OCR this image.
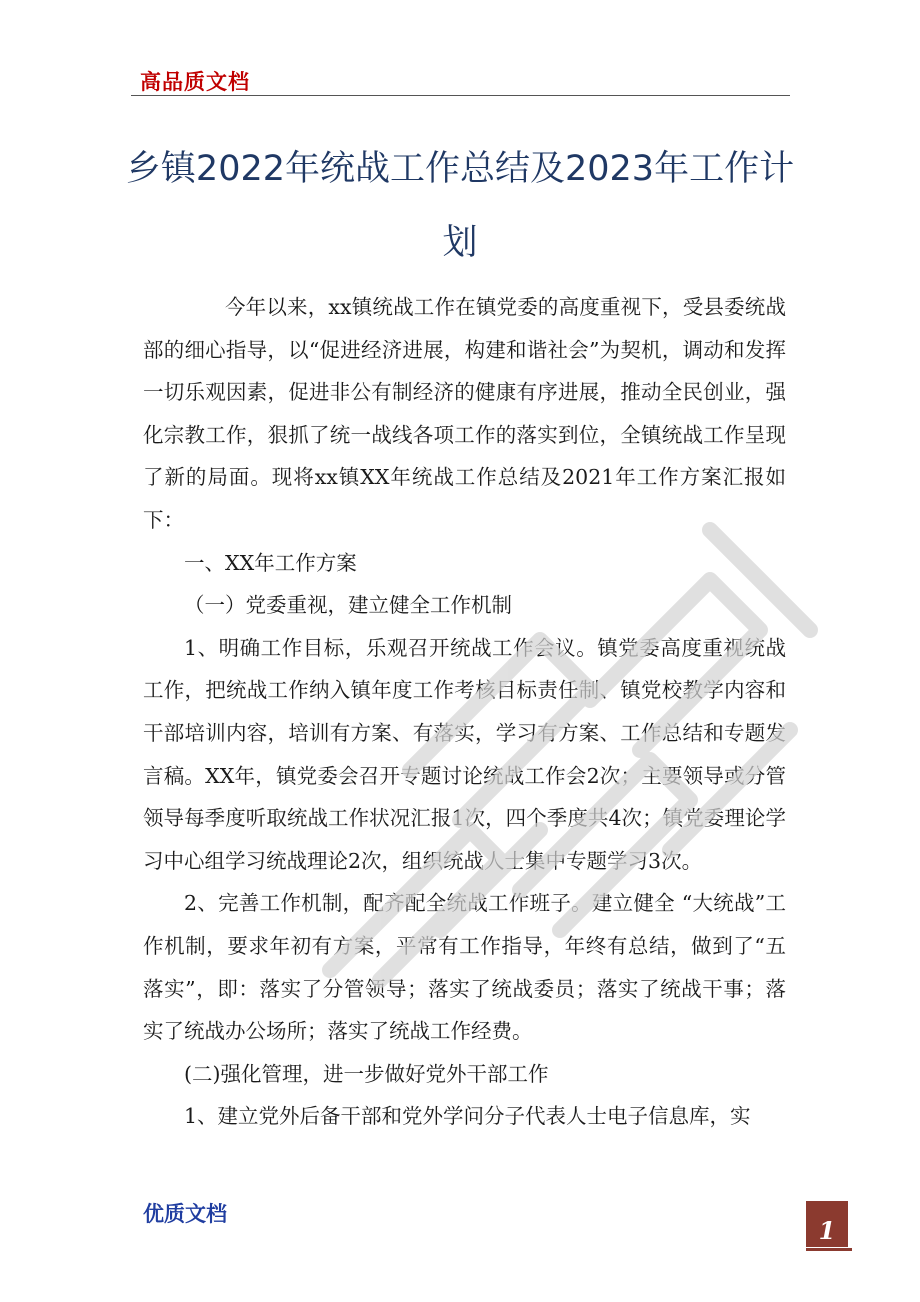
高品质文档
乡镇2022年统战工作总结及2023年工作计划

今年以来，xx镇统战工作在镇党委的高度重视下，受县委统战部的细心指导，以“促进经济进展，构建和谐社会”为契机，调动和发挥一切乐观因素，促进非公有制经济的健康有序进展，推动全民创业，强化宗教工作，狠抓了统一战线各项工作的落实到位，全镇统战工作呈现了新的局面。现将xx镇XX年统战工作总结及2021年工作方案汇报如下：

一、XX年工作方案

（一）党委重视，建立健全工作机制

1、明确工作目标，乐观召开统战工作会议。镇党委高度重视统战工作，把统战工作纳入镇年度工作考核目标责任制、镇党校教学内容和干部培训内容，培训有方案、有落实，学习有方案、工作总结和专题发言稿。XX年，镇党委会召开专题讨论统战工作会2次；主要领导或分管领导每季度听取统战工作状况汇报1次，四个季度共4次；镇党委理论学习中心组学习统战理论2次，组织统战人士集中专题学习3次。

2、完善工作机制，配齐配全统战工作班子。建立健全 “大统战”工作机制，要求年初有方案，平常有工作指导，年终有总结，做到了“五落实”，即：落实了分管领导；落实了统战委员；落实了统战干事；落实了统战办公场所；落实了统战工作经费。

(二)强化管理，进一步做好党外干部工作

1、建立党外后备干部和党外学问分子代表人士电子信息库，实

优质文档
1
